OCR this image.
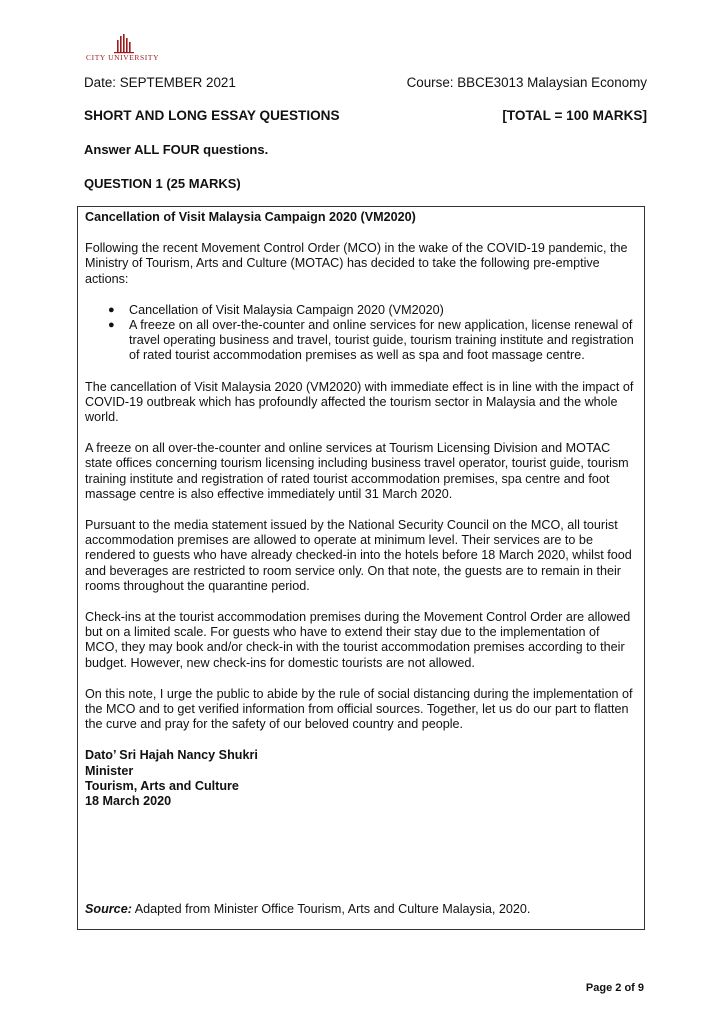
CITY UNIVERSITY
Date: SEPTEMBER 2021	Course: BBCE3013 Malaysian Economy
SHORT AND LONG ESSAY QUESTIONS	[TOTAL = 100 MARKS]
Answer ALL FOUR questions.
QUESTION 1 (25 MARKS)

Cancellation of Visit Malaysia Campaign 2020 (VM2020)

Following the recent Movement Control Order (MCO) in the wake of the COVID-19 pandemic, the Ministry of Tourism, Arts and Culture (MOTAC) has decided to take the following pre-emptive actions:

● Cancellation of Visit Malaysia Campaign 2020 (VM2020)
● A freeze on all over-the-counter and online services for new application, license renewal of travel operating business and travel, tourist guide, tourism training institute and registration of rated tourist accommodation premises as well as spa and foot massage centre.

The cancellation of Visit Malaysia 2020 (VM2020) with immediate effect is in line with the impact of COVID-19 outbreak which has profoundly affected the tourism sector in Malaysia and the whole world.

A freeze on all over-the-counter and online services at Tourism Licensing Division and MOTAC state offices concerning tourism licensing including business travel operator, tourist guide, tourism training institute and registration of rated tourist accommodation premises, spa centre and foot massage centre is also effective immediately until 31 March 2020.

Pursuant to the media statement issued by the National Security Council on the MCO, all tourist accommodation premises are allowed to operate at minimum level. Their services are to be rendered to guests who have already checked-in into the hotels before 18 March 2020, whilst food and beverages are restricted to room service only. On that note, the guests are to remain in their rooms throughout the quarantine period.

Check-ins at the tourist accommodation premises during the Movement Control Order are allowed but on a limited scale. For guests who have to extend their stay due to the implementation of MCO, they may book and/or check-in with the tourist accommodation premises according to their budget. However, new check-ins for domestic tourists are not allowed.

On this note, I urge the public to abide by the rule of social distancing during the implementation of the MCO and to get verified information from official sources. Together, let us do our part to flatten the curve and pray for the safety of our beloved country and people.

Dato’ Sri Hajah Nancy Shukri

Minister

Tourism, Arts and Culture

18 March 2020

Source: Adapted from Minister Office Tourism, Arts and Culture Malaysia, 2020.
Page 2 of 9
